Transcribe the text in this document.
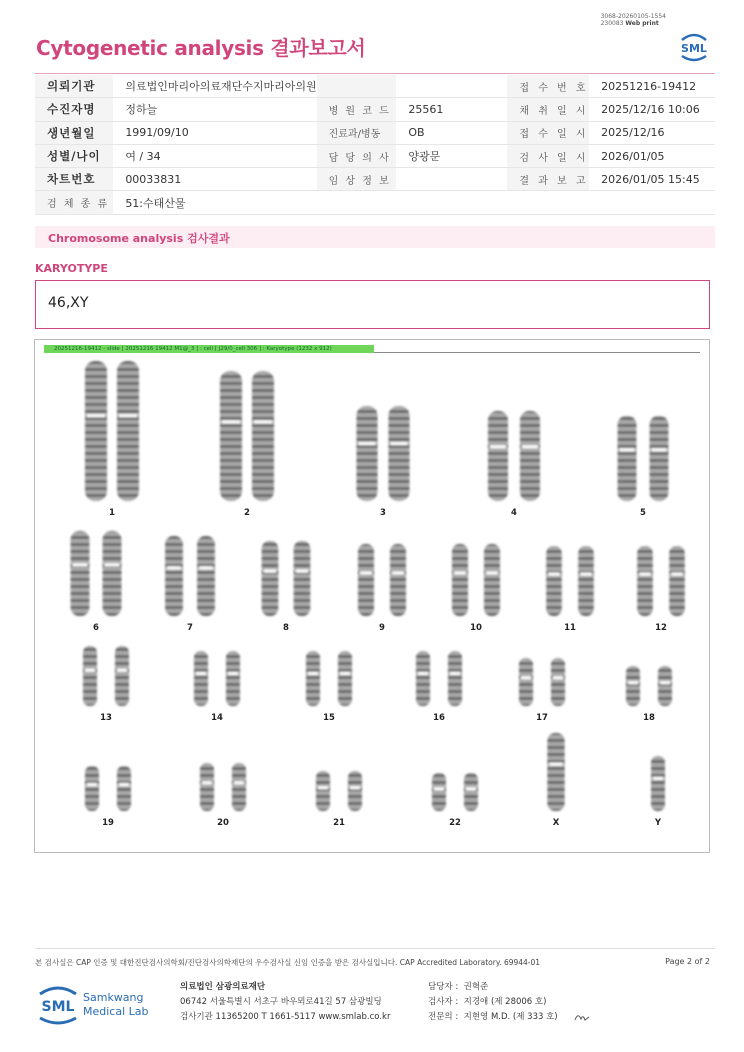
3068-20260105-1554
230083 Web print
Cytogenetic analysis 결과보고서	SML
의뢰기관	의료법인마리아의료재단수지마리아의원			접 수 번 호	20251216-19412
수진자명	정하늘	병 원 코 드	25561	채 취 일 시	2025/12/16 10:06
생년월일	1991/09/10	진료과/병동	OB	접 수 일 시	2025/12/16
성별/나이	여 / 34	담 당 의 사	양광문	검 사 일 시	2026/01/05
차트번호	00033831	임 상 정 보		결 과 보 고	2026/01/05 15:45
검 체 종 류	51:수태산물				
Chromosome analysis 검사결과
KARYOTYPE
46,XY
1	2	3	4	5
6	7	8	9	10	11	12
13	14	15	16	17	18
19	20	21	22	X	Y
20251216-19412 - slide [ 20251216 19412 M1@_3 ] : cell [ J29/0_cell 306 ] : Karyotype (1232 x 912)
본 검사실은 CAP 인증 및 대한진단검사의학회/진단검사의학재단의 우수검사실 신임 인증을 받은 검사실입니다. CAP Accredited Laboratory. 69944-01	Page 2 of 2
SML
Samkwang
Medical Lab
의료법인 삼광의료재단
06742 서울특별시 서초구 바우뫼로41길 57 삼광빌딩
검사기관 11365200 T 1661-5117 www.smlab.co.kr
담당자 : 권혁준
검사자 : 지경애 (제 28006 호)
전문의 : 지현영 M.D. (제 333 호)
